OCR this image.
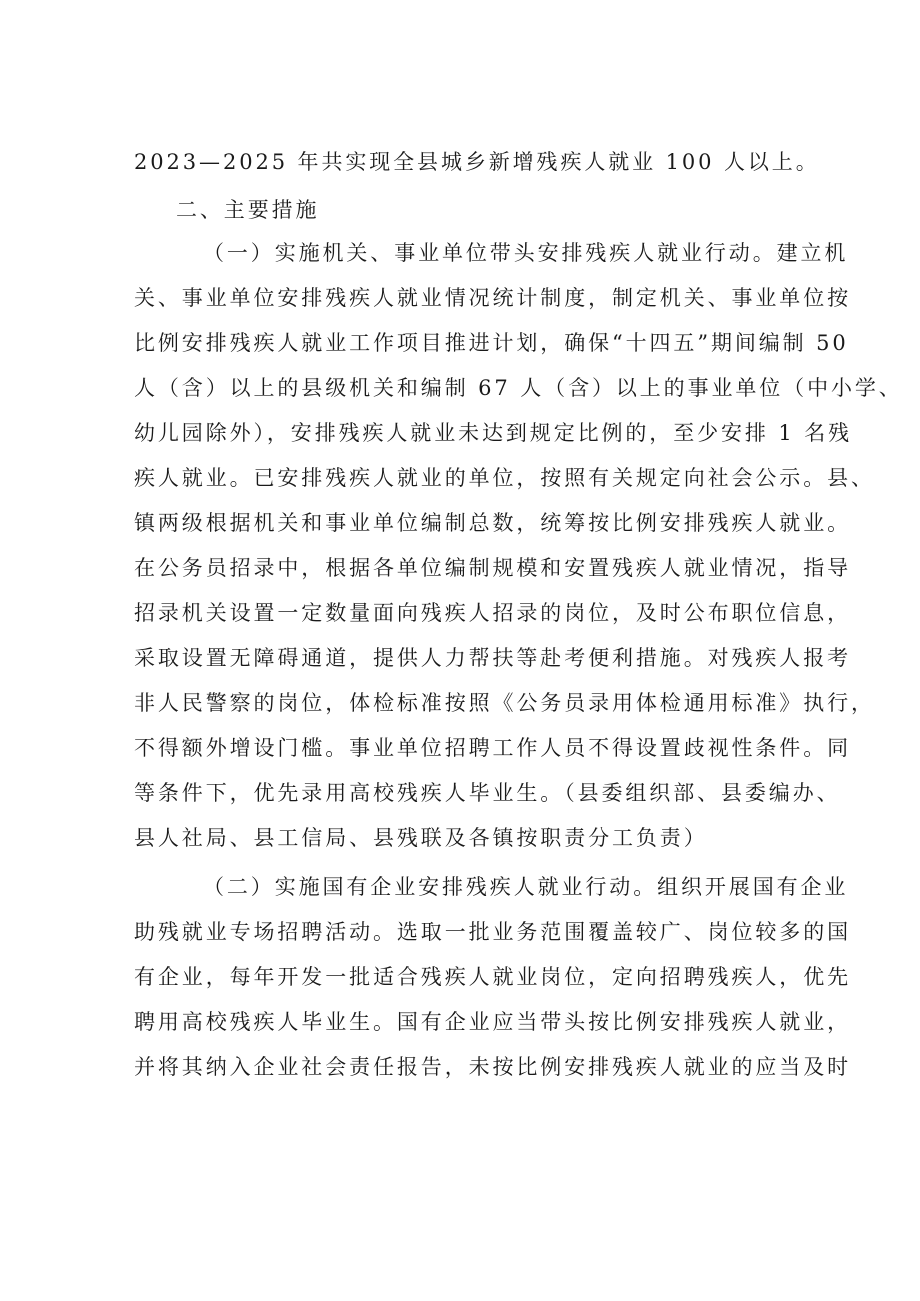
2023—2025 年共实现全县城乡新增残疾人就业 100 人以上。
二、主要措施
（一）实施机关、事业单位带头安排残疾人就业行动。建立机
关、事业单位安排残疾人就业情况统计制度，制定机关、事业单位按
比例安排残疾人就业工作项目推进计划，确保“十四五”期间编制 50
人（含）以上的县级机关和编制 67 人（含）以上的事业单位（中小学、
幼儿园除外），安排残疾人就业未达到规定比例的，至少安排 1 名残
疾人就业。已安排残疾人就业的单位，按照有关规定向社会公示。县、
镇两级根据机关和事业单位编制总数，统筹按比例安排残疾人就业。
在公务员招录中，根据各单位编制规模和安置残疾人就业情况，指导
招录机关设置一定数量面向残疾人招录的岗位，及时公布职位信息，
采取设置无障碍通道，提供人力帮扶等赴考便利措施。对残疾人报考
非人民警察的岗位，体检标准按照《公务员录用体检通用标准》执行，
不得额外增设门槛。事业单位招聘工作人员不得设置歧视性条件。同
等条件下，优先录用高校残疾人毕业生。（县委组织部、县委编办、
县人社局、县工信局、县残联及各镇按职责分工负责）
（二）实施国有企业安排残疾人就业行动。组织开展国有企业
助残就业专场招聘活动。选取一批业务范围覆盖较广、岗位较多的国
有企业，每年开发一批适合残疾人就业岗位，定向招聘残疾人，优先
聘用高校残疾人毕业生。国有企业应当带头按比例安排残疾人就业，
并将其纳入企业社会责任报告，未按比例安排残疾人就业的应当及时
